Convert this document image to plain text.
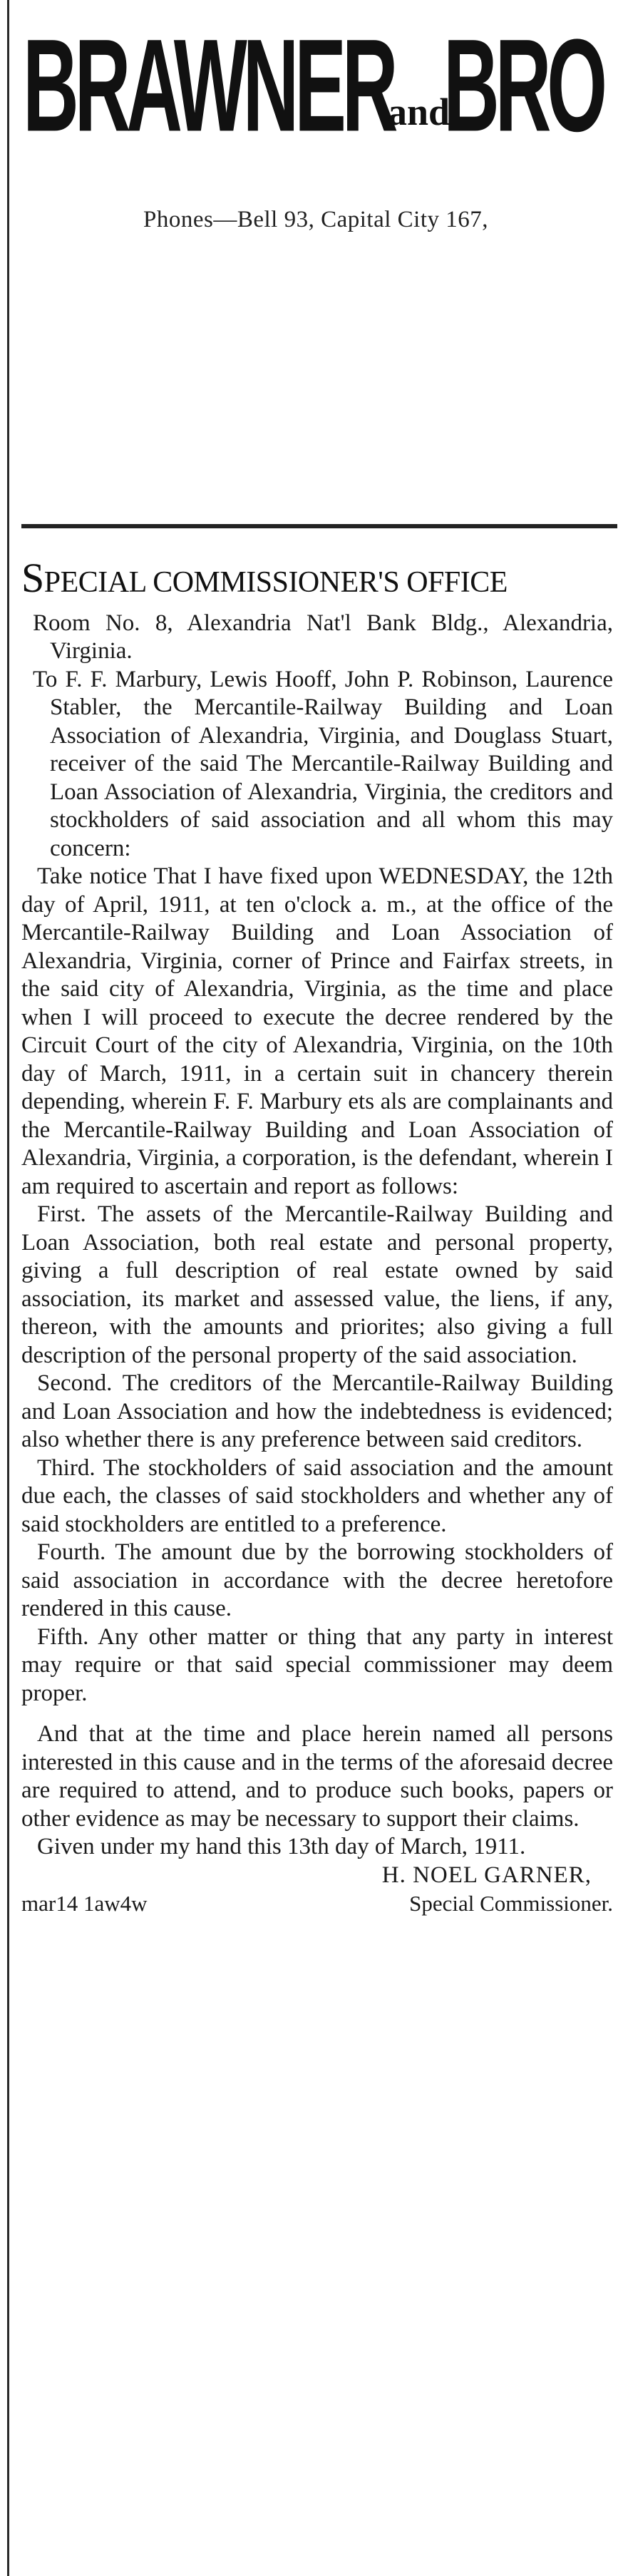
BRAWNER
and
BRO
Phones—Bell 93, Capital City 167,
SPECIAL COMMISSIONER'S OFFICE

Room No. 8, Alexandria Nat'l Bank Bldg., Alexandria, Virginia.

To F. F. Marbury, Lewis Hooff, John P. Robinson, Laurence Stabler, the Mercantile-Railway Building and Loan Association of Alexandria, Virginia, and Douglass Stuart, receiver of the said The Mercantile-Railway Building and Loan Association of Alexandria, Virginia, the creditors and stockholders of said association and all whom this may concern:

Take notice That I have fixed upon WEDNESDAY, the 12th day of April, 1911, at ten o'clock a. m., at the office of the Mercantile-Railway Building and Loan Association of Alexandria, Virginia, corner of Prince and Fairfax streets, in the said city of Alexandria, Virginia, as the time and place when I will proceed to execute the decree rendered by the Circuit Court of the city of Alexandria, Virginia, on the 10th day of March, 1911, in a certain suit in chancery therein depending, wherein F. F. Marbury ets als are complainants and the Mercantile-Railway Building and Loan Association of Alexandria, Virginia, a corporation, is the defendant, wherein I am required to ascertain and report as follows:

First. The assets of the Mercantile-Railway Building and Loan Association, both real estate and personal property, giving a full description of real estate owned by said association, its market and assessed value, the liens, if any, thereon, with the amounts and priorites; also giving a full description of the personal property of the said association.

Second. The creditors of the Mercantile-Railway Building and Loan Association and how the indebtedness is evidenced; also whether there is any preference between said creditors.

Third. The stockholders of said association and the amount due each, the classes of said stockholders and whether any of said stockholders are entitled to a preference.

Fourth. The amount due by the borrowing stockholders of said association in accordance with the decree heretofore rendered in this cause.

Fifth. Any other matter or thing that any party in interest may require or that said special commissioner may deem proper.

And that at the time and place herein named all persons interested in this cause and in the terms of the aforesaid decree are required to attend, and to produce such books, papers or other evidence as may be necessary to support their claims.

Given under my hand this 13th day of March, 1911.

H. NOEL GARNER,

mar14 1aw4w	Special Commissioner.
